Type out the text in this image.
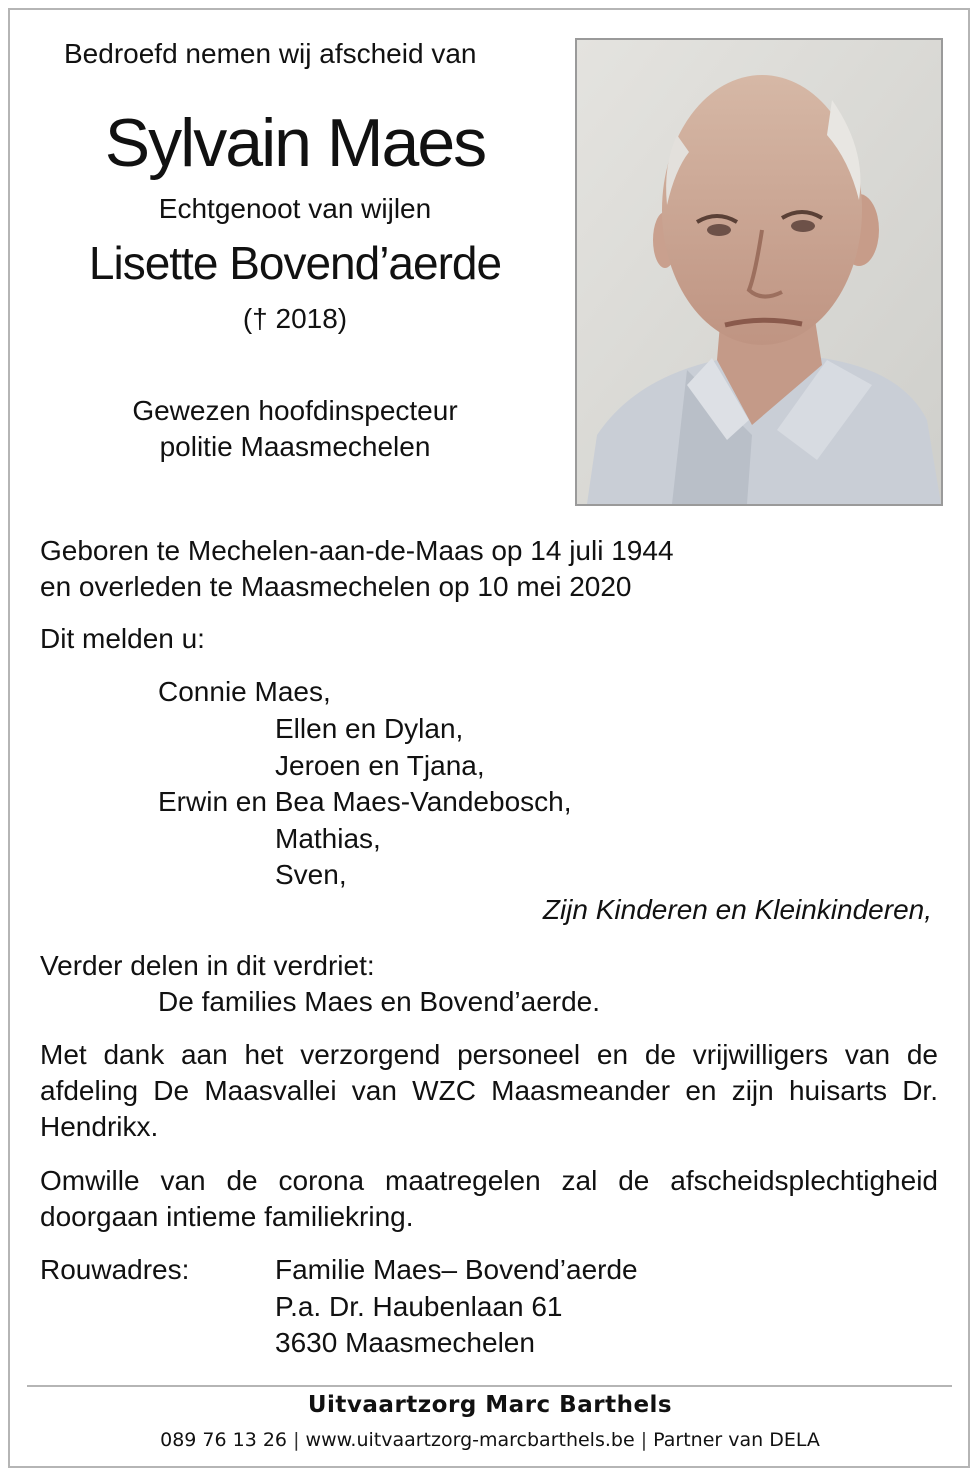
Bedroefd nemen wij afscheid van
Sylvain Maes
Echtgenoot van wijlen
Lisette Bovend’aerde
(† 2018)
Gewezen hoofdinspecteur
politie Maasmechelen
Geboren te Mechelen-aan-de-Maas op 14 juli 1944
en overleden te Maasmechelen op 10 mei 2020
Dit melden u:
Connie Maes,
Ellen en Dylan,
Jeroen en Tjana,
Erwin en Bea Maes-Vandebosch,
Mathias,
Sven,
Zijn Kinderen en Kleinkinderen,
Verder delen in dit verdriet:
De families Maes en Bovend’aerde.
Met dank aan het verzorgend personeel en de vrijwilligers van de afdeling De Maasvallei van WZC Maasmeander en zijn huisarts Dr. Hendrikx.
Omwille van de corona maatregelen zal de afscheidsplechtigheid doorgaan intieme familiekring.
Rouwadres:	Familie Maes– Bovend’aerde
P.a. Dr. Haubenlaan 61
3630 Maasmechelen
Uitvaartzorg Marc Barthels
089 76 13 26 | www.uitvaartzorg-marcbarthels.be | Partner van DELA
